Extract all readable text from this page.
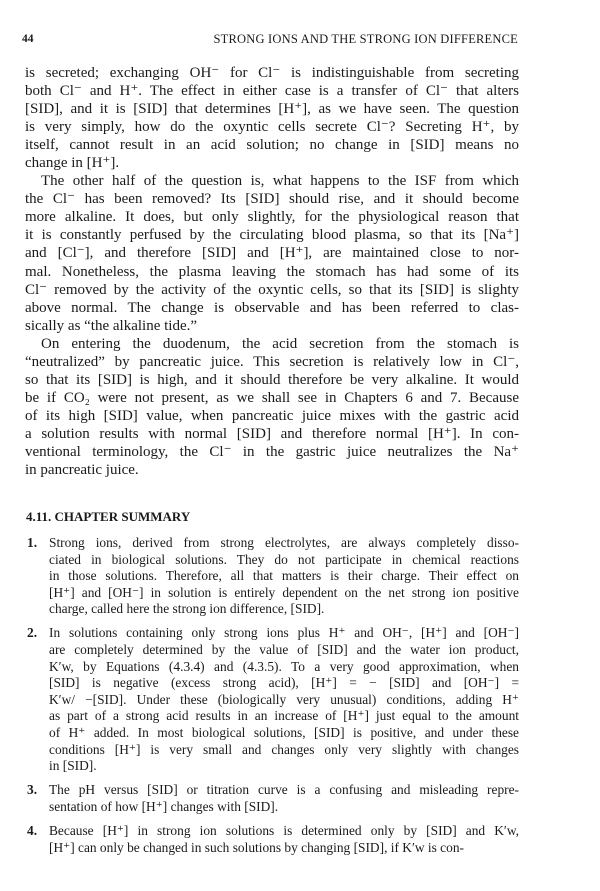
44	STRONG IONS AND THE STRONG ION DIFFERENCE
is secreted; exchanging OH⁻ for Cl⁻ is indistinguishable from secreting
both Cl⁻ and H⁺. The effect in either case is a transfer of Cl⁻ that alters
[SID], and it is [SID] that determines [H⁺], as we have seen. The question
is very simply, how do the oxyntic cells secrete Cl⁻? Secreting H⁺, by
itself, cannot result in an acid solution; no change in [SID] means no
change in [H⁺].
The other half of the question is, what happens to the ISF from which
the Cl⁻ has been removed? Its [SID] should rise, and it should become
more alkaline. It does, but only slightly, for the physiological reason that
it is constantly perfused by the circulating blood plasma, so that its [Na⁺]
and [Cl⁻], and therefore [SID] and [H⁺], are maintained close to nor-
mal. Nonetheless, the plasma leaving the stomach has had some of its
Cl⁻ removed by the activity of the oxyntic cells, so that its [SID] is slighty
above normal. The change is observable and has been referred to clas-
sically as “the alkaline tide.”
On entering the duodenum, the acid secretion from the stomach is
“neutralized” by pancreatic juice. This secretion is relatively low in Cl⁻,
so that its [SID] is high, and it should therefore be very alkaline. It would
be if CO₂ were not present, as we shall see in Chapters 6 and 7. Because
of its high [SID] value, when pancreatic juice mixes with the gastric acid
a solution results with normal [SID] and therefore normal [H⁺]. In con-
ventional terminology, the Cl⁻ in the gastric juice neutralizes the Na⁺
in pancreatic juice.
4.11. CHAPTER SUMMARY
1. Strong ions, derived from strong electrolytes, are always completely disso-
ciated in biological solutions. They do not participate in chemical reactions
in those solutions. Therefore, all that matters is their charge. Their effect on
[H⁺] and [OH⁻] in solution is entirely dependent on the net strong ion positive
charge, called here the strong ion difference, [SID].
2. In solutions containing only strong ions plus H⁺ and OH⁻, [H⁺] and [OH⁻]
are completely determined by the value of [SID] and the water ion product,
K′w, by Equations (4.3.4) and (4.3.5). To a very good approximation, when
[SID] is negative (excess strong acid), [H⁺] = − [SID] and [OH⁻] =
K′w/ −[SID]. Under these (biologically very unusual) conditions, adding H⁺
as part of a strong acid results in an increase of [H⁺] just equal to the amount
of H⁺ added. In most biological solutions, [SID] is positive, and under these
conditions [H⁺] is very small and changes only very slightly with changes
in [SID].
3. The pH versus [SID] or titration curve is a confusing and misleading repre-
sentation of how [H⁺] changes with [SID].
4. Because [H⁺] in strong ion solutions is determined only by [SID] and K′w,
[H⁺] can only be changed in such solutions by changing [SID], if K′w is con-
